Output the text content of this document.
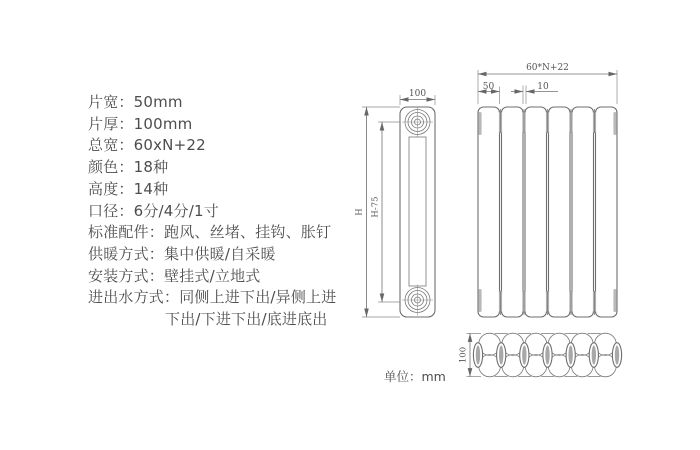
片宽：50mm
片厚：100mm
总宽：60xN+22
颜色：18种
高度：14种
口径：6分/4分/1寸
标准配件：跑风、丝堵、挂钩、胀钉
供暖方式：集中供暖/自采暖
安装方式：壁挂式/立地式
进出水方式：同侧上进下出/异侧上进
下出/下进下出/底进底出
100
H-75
H
60*N+22
50	10
100
单位：mm
